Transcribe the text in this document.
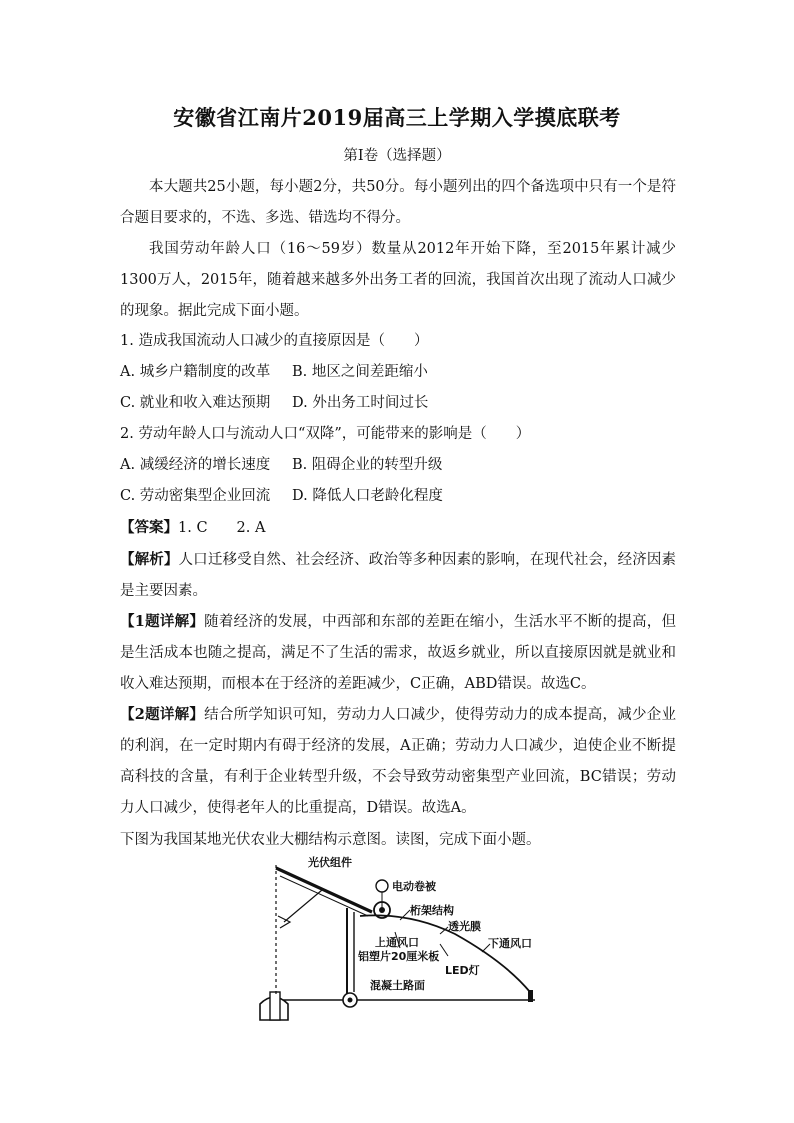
安徽省江南片2019届高三上学期入学摸底联考
第Ⅰ卷（选择题）
本大题共25小题，每小题2分，共50分。每小题列出的四个备选项中只有一个是符合题目要求的，不选、多选、错选均不得分。
我国劳动年龄人口（16～59岁）数量从2012年开始下降，至2015年累计减少1300万人，2015年，随着越来越多外出务工者的回流，我国首次出现了流动人口减少的现象。据此完成下面小题。
1. 造成我国流动人口减少的直接原因是（　　）
A. 城乡户籍制度的改革 B. 地区之间差距缩小
C. 就业和收入难达预期 D. 外出务工时间过长
2. 劳动年龄人口与流动人口“双降”，可能带来的影响是（　　）
A. 减缓经济的增长速度 B. 阻碍企业的转型升级
C. 劳动密集型企业回流 D. 降低人口老龄化程度
【答案】1. C　　2. A
【解析】人口迁移受自然、社会经济、政治等多种因素的影响，在现代社会，经济因素是主要因素。
【1题详解】随着经济的发展，中西部和东部的差距在缩小，生活水平不断的提高，但是生活成本也随之提高，满足不了生活的需求，故返乡就业，所以直接原因就是就业和收入难达预期，而根本在于经济的差距减少，C正确，ABD错误。故选C。
【2题详解】结合所学知识可知，劳动力人口减少，使得劳动力的成本提高，减少企业的利润，在一定时期内有碍于经济的发展，A正确；劳动力人口减少，迫使企业不断提高科技的含量，有利于企业转型升级，不会导致劳动密集型产业回流，BC错误；劳动力人口减少，使得老年人的比重提高，D错误。故选A。
下图为我国某地光伏农业大棚结构示意图。读图，完成下面小题。
光伏组件
电动卷被
桁架结构
透光膜
上通风口	下通风口
铝塑片20厘米板
LED灯
混凝土路面
